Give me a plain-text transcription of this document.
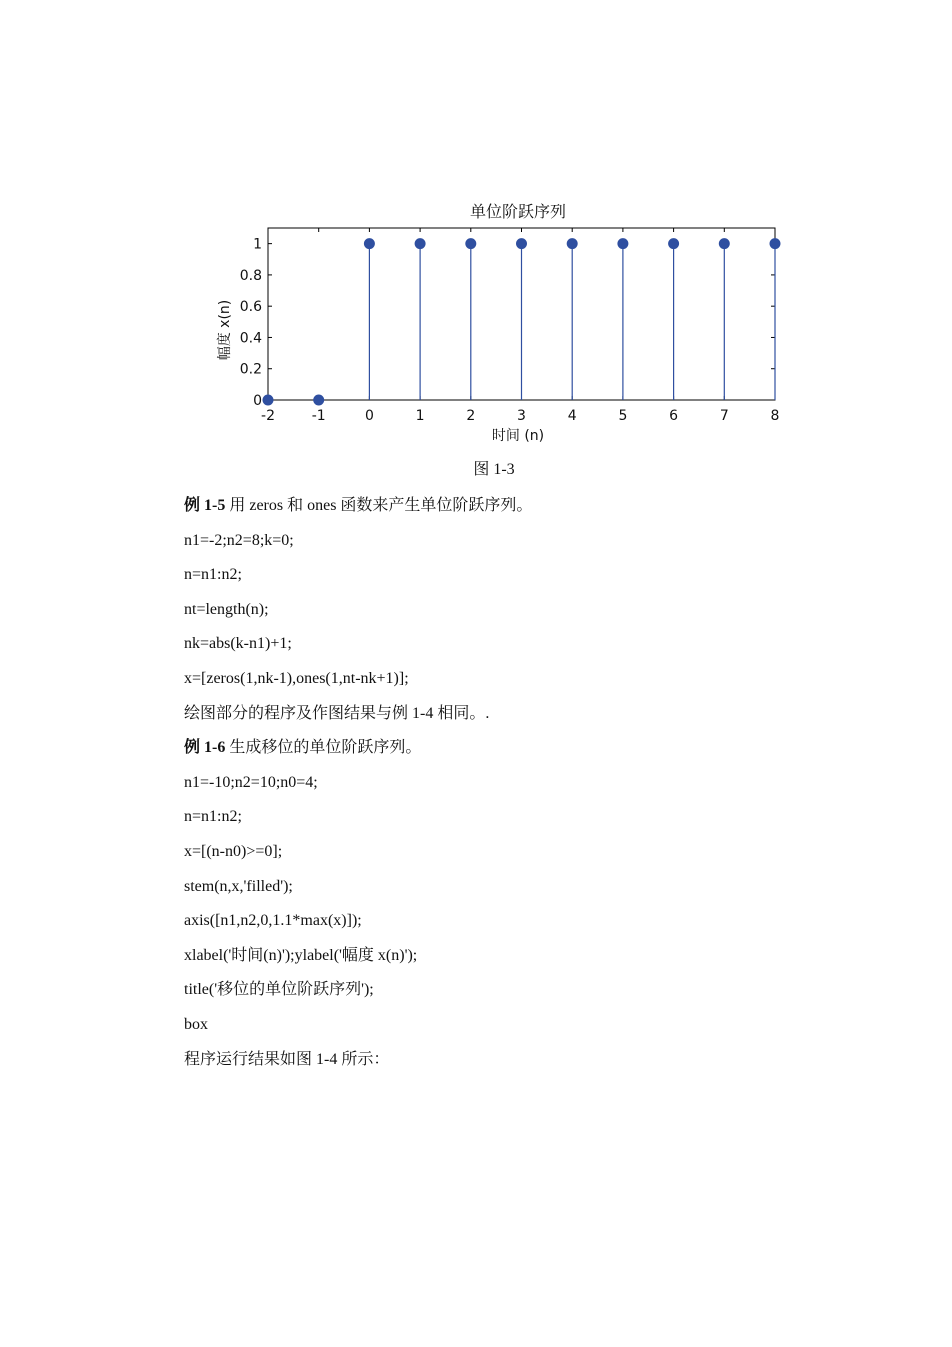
单位阶跃序列
幅度 x(n)
时间 (n)
-2	-1	0	1	2	3	4	5	6	7	8
0
0.2
0.4
0.6
0.8
1
图 1-3
例 1-5 用 zeros 和 ones 函数来产生单位阶跃序列。
n1=-2;n2=8;k=0;
n=n1:n2;
nt=length(n);
nk=abs(k-n1)+1;
x=[zeros(1,nk-1),ones(1,nt-nk+1)];
绘图部分的程序及作图结果与例 1-4 相同。.
例 1-6 生成移位的单位阶跃序列。
n1=-10;n2=10;n0=4;
n=n1:n2;
x=[(n-n0)>=0];
stem(n,x,'filled');
axis([n1,n2,0,1.1*max(x)]);
xlabel('时间(n)');ylabel('幅度 x(n)');
title('移位的单位阶跃序列');
box
程序运行结果如图 1-4 所示：
